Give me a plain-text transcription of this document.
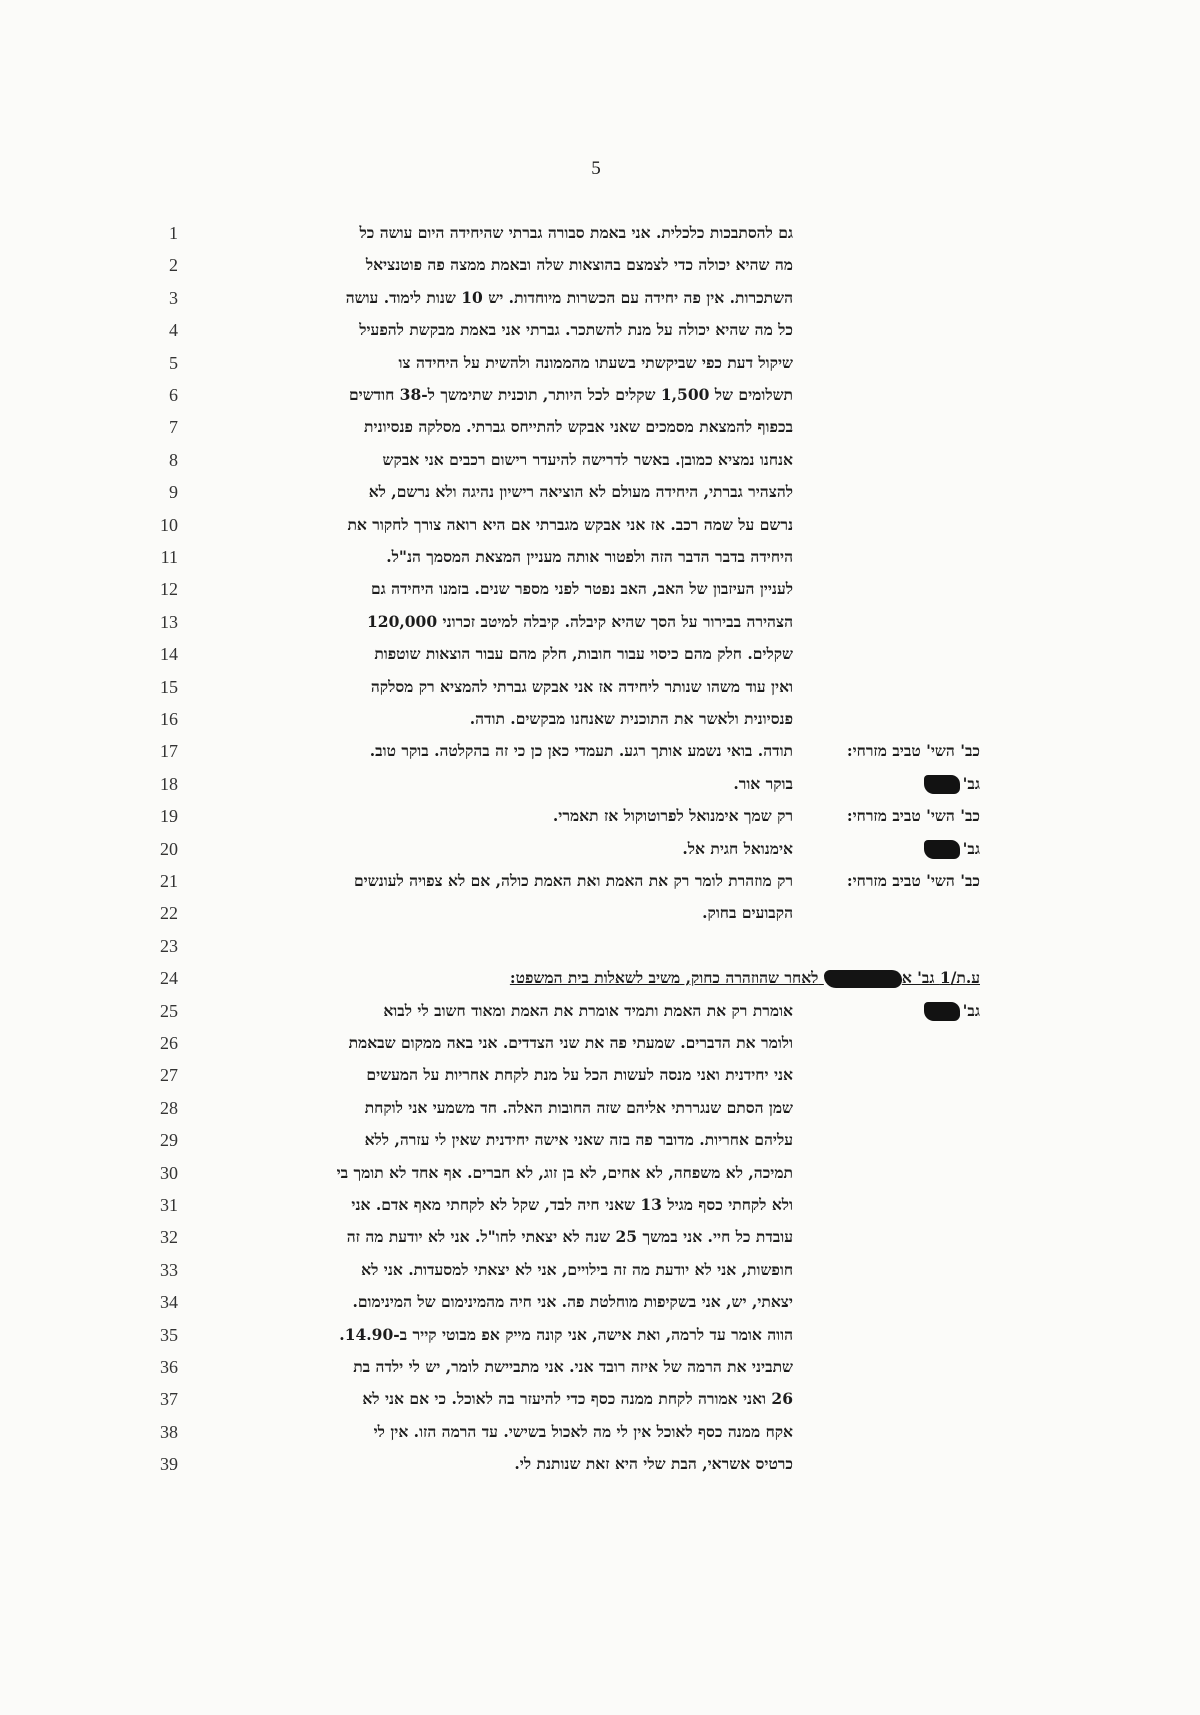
5
1	גם להסתבכות כלכלית. אני באמת סבורה גברתי שהיחידה היום עושה כל
2	מה שהיא יכולה כדי לצמצם בהוצאות שלה ובאמת ממצה פה פוטנציאל
3	השתכרות. אין פה יחידה עם הכשרות מיוחדות. יש 10 שנות לימוד. עושה
4	כל מה שהיא יכולה על מנת להשתכר. גברתי אני באמת מבקשת להפעיל
5	שיקול דעת כפי שביקשתי בשעתו מהממונה ולהשית על היחידה צו
6	תשלומים של 1,500 שקלים לכל היותר, תוכנית שתימשך ל-38 חודשים
7	בכפוף להמצאת מסמכים שאני אבקש להתייחס גברתי. מסלקה פנסיונית
8	אנחנו נמציא כמובן. באשר לדרישה להיעדר רישום רכבים אני אבקש
9	להצהיר גברתי, היחידה מעולם לא הוציאה רישיון נהיגה ולא נרשם, לא
10	נרשם על שמה רכב. אז אני אבקש מגברתי אם היא רואה צורך לחקור את
11	היחידה בדבר הדבר הזה ולפטור אותה מעניין המצאת המסמך הנ"ל.
12	לעניין העיזבון של האב, האב נפטר לפני מספר שנים. בזמנו היחידה גם
13	הצהירה בבירור על הסך שהיא קיבלה. קיבלה למיטב זכרוני 120,000
14	שקלים. חלק מהם כיסוי עבור חובות, חלק מהם עבור הוצאות שוטפות
15	ואין עוד משהו שנותר ליחידה אז אני אבקש גברתי להמציא רק מסלקה
16	פנסיונית ולאשר את התוכנית שאנחנו מבקשים. תודה.
17	כב' השי' טביב מזרחי:
תודה. בואי נשמע אותך רגע. תעמדי כאן כן כי זה בהקלטה. בוקר טוב.
18	גב'
בוקר אור.
19	כב' השי' טביב מזרחי:
רק שמך אימנואל לפרוטוקול אז תאמרי.
20	גב'
אימנואל חגית אל.
21	כב' השי' טביב מזרחי:
רק מוזהרת לומר רק את האמת ואת האמת כולה, אם לא צפויה לעונשים
22	הקבועים בחוק.
23
24	ע.ת/1 גב' א לאחר שהוזהרה כחוק, משיב לשאלות בית המשפט:
25	גב'
אומרת רק את האמת ותמיד אומרת את האמת ומאוד חשוב לי לבוא
26	ולומר את הדברים. שמעתי פה את שני הצדדים. אני באה ממקום שבאמת
27	אני יחידנית ואני מנסה לעשות הכל על מנת לקחת אחריות על המעשים
28	שמן הסתם שנגררתי אליהם שזה החובות האלה. חד משמעי אני לוקחת
29	עליהם אחריות. מדובר פה בזה שאני אישה יחידנית שאין לי עזרה, ללא
30	תמיכה, לא משפחה, לא אחים, לא בן זוג, לא חברים. אף אחד לא תומך בי
31	ולא לקחתי כסף מגיל 13 שאני חיה לבד, שקל לא לקחתי מאף אדם. אני
32	עובדת כל חיי. אני במשך 25 שנה לא יצאתי לחו"ל. אני לא יודעת מה זה
33	חופשות, אני לא יודעת מה זה בילויים, אני לא יצאתי למסעדות. אני לא
34	יצאתי, יש, אני בשקיפות מוחלטת פה. אני חיה מהמינימום של המינימום.
35	הווה אומר עד לרמה, ואת אישה, אני קונה מייק אפ מבוטי קייר ב-14.90.
36	שתביני את הרמה של איזה רובד אני. אני מתביישת לומר, יש לי ילדה בת
37	26 ואני אמורה לקחת ממנה כסף כדי להיעזר בה לאוכל. כי אם אני לא
38	אקח ממנה כסף לאוכל אין לי מה לאכול בשישי. עד הרמה הזו. אין לי
39	כרטיס אשראי, הבת שלי היא זאת שנותנת לי.
